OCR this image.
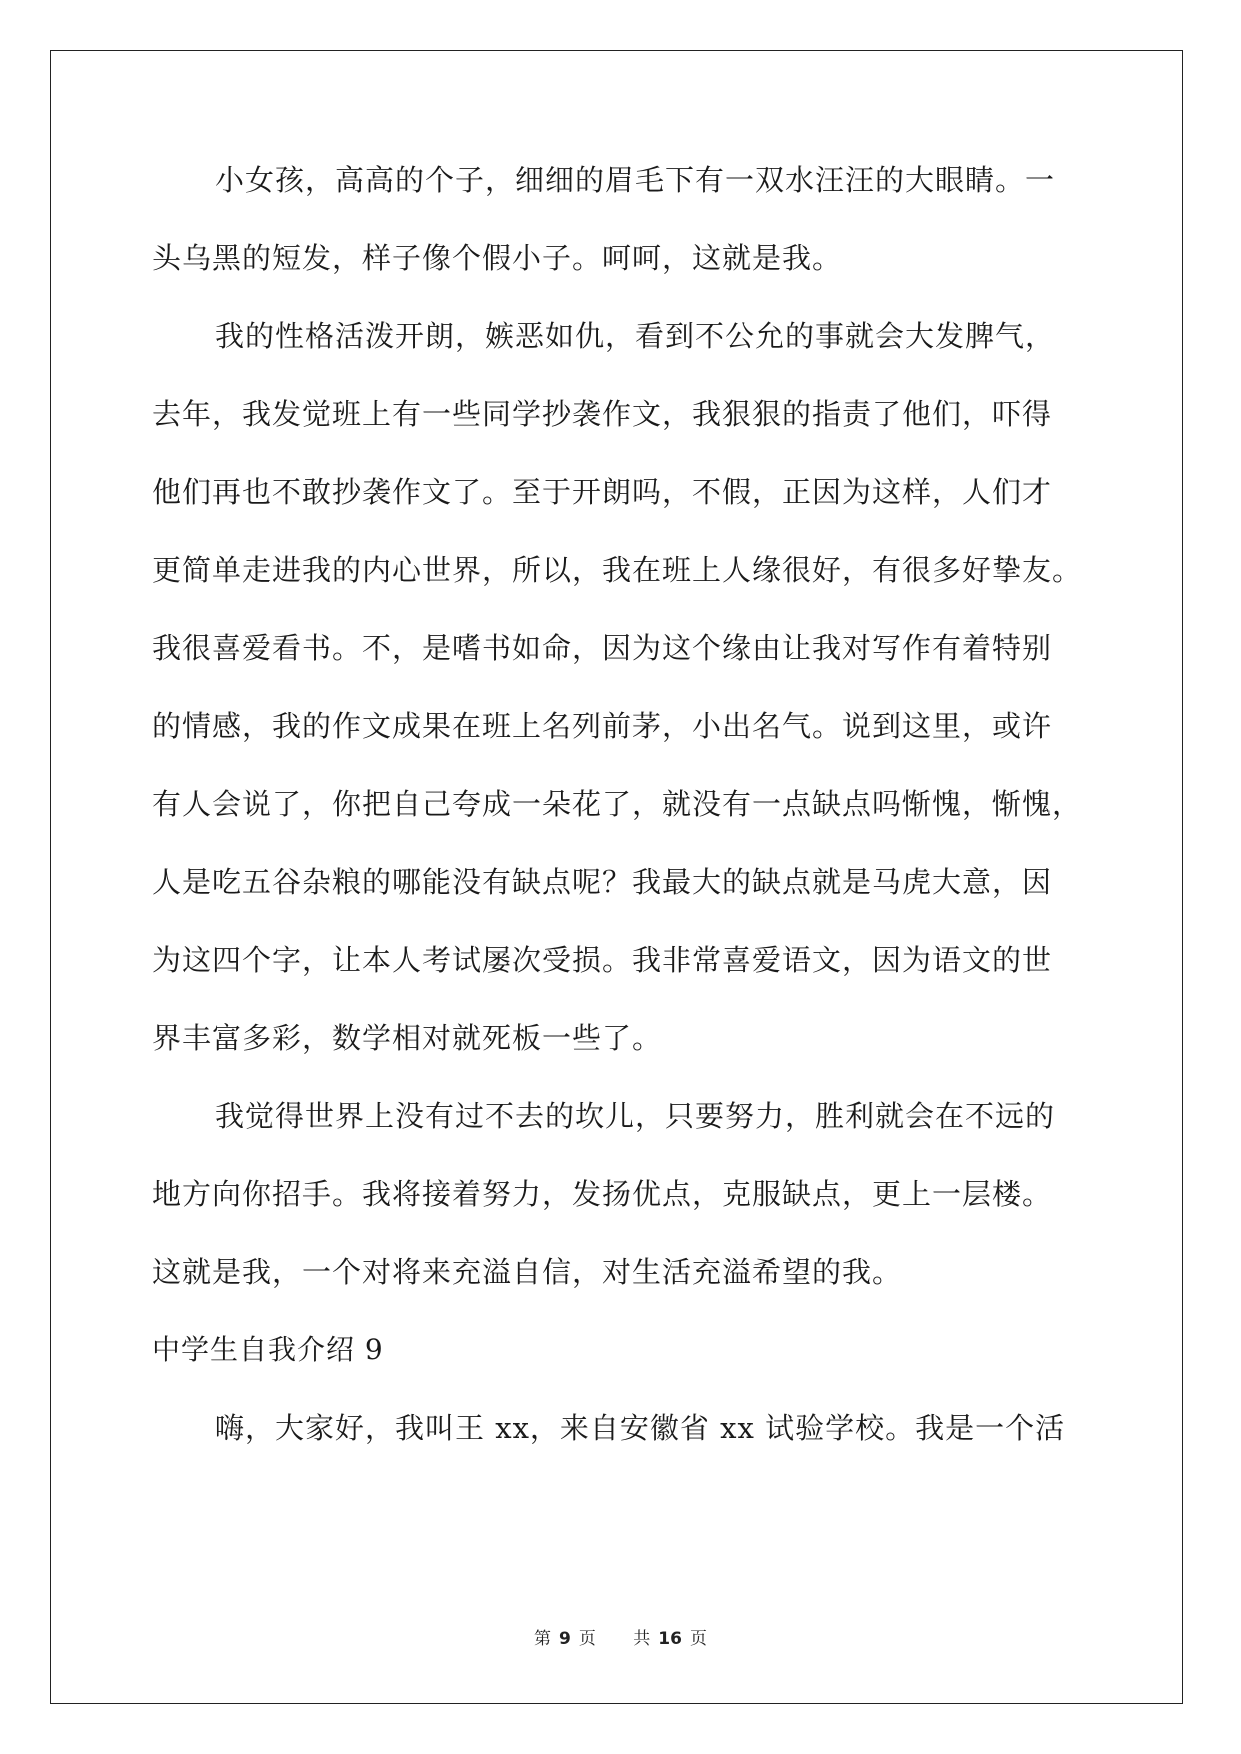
小女孩，高高的个子，细细的眉毛下有一双水汪汪的大眼睛。一
头乌黑的短发，样子像个假小子。呵呵，这就是我。
我的性格活泼开朗，嫉恶如仇，看到不公允的事就会大发脾气，
去年，我发觉班上有一些同学抄袭作文，我狠狠的指责了他们，吓得
他们再也不敢抄袭作文了。至于开朗吗，不假，正因为这样，人们才
更简单走进我的内心世界，所以，我在班上人缘很好，有很多好挚友。
我很喜爱看书。不，是嗜书如命，因为这个缘由让我对写作有着特别
的情感，我的作文成果在班上名列前茅，小出名气。说到这里，或许
有人会说了，你把自己夸成一朵花了，就没有一点缺点吗惭愧，惭愧，
人是吃五谷杂粮的哪能没有缺点呢？我最大的缺点就是马虎大意，因
为这四个字，让本人考试屡次受损。我非常喜爱语文，因为语文的世
界丰富多彩，数学相对就死板一些了。
我觉得世界上没有过不去的坎儿，只要努力，胜利就会在不远的
地方向你招手。我将接着努力，发扬优点，克服缺点，更上一层楼。
这就是我，一个对将来充溢自信，对生活充溢希望的我。
中学生自我介绍 9
嗨，大家好，我叫王 xx，来自安徽省 xx 试验学校。我是一个活
第 9 页 共 16 页
